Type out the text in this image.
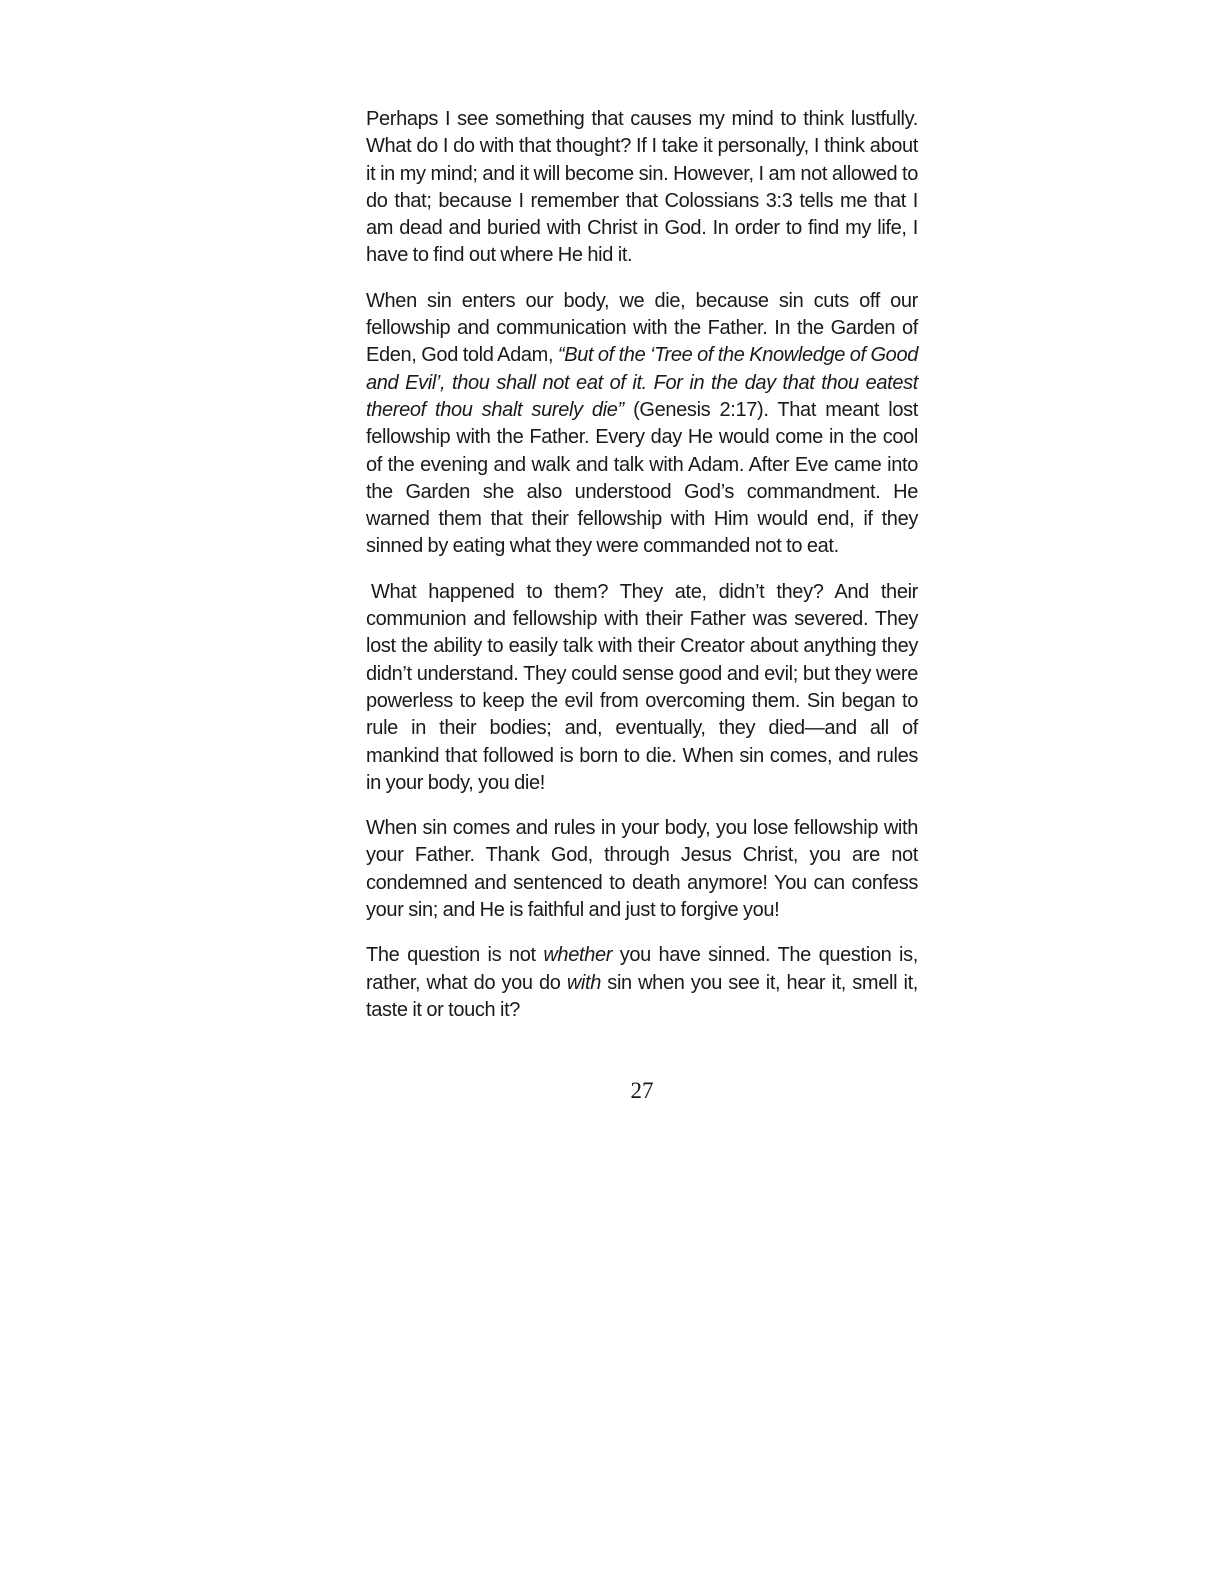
Perhaps I see something that causes my mind to think lustfully. What do I do with that thought? If I take it personally, I think about it in my mind; and it will become sin. However, I am not allowed to do that; because I remember that Colossians 3:3 tells me that I am dead and buried with Christ in God. In order to find my life, I have to find out where He hid it.

When sin enters our body, we die, because sin cuts off our fellowship and communication with the Father. In the Garden of Eden, God told Adam, “But of the ‘Tree of the Knowledge of Good and Evil’, thou shall not eat of it. For in the day that thou eatest thereof thou shalt surely die” (Genesis 2:17). That meant lost fellowship with the Father. Every day He would come in the cool of the evening and walk and talk with Adam. After Eve came into the Garden she also understood God’s commandment. He warned them that their fellowship with Him would end, if they sinned by eating what they were commanded not to eat.

What happened to them? They ate, didn’t they? And their communion and fellowship with their Father was severed. They lost the ability to easily talk with their Creator about anything they didn’t understand. They could sense good and evil; but they were powerless to keep the evil from overcoming them. Sin began to rule in their bodies; and, eventually, they died—and all of mankind that followed is born to die. When sin comes, and rules in your body, you die!

When sin comes and rules in your body, you lose fellowship with your Father. Thank God, through Jesus Christ, you are not condemned and sentenced to death anymore! You can confess your sin; and He is faithful and just to forgive you!

The question is not whether you have sinned. The question is, rather, what do you do with sin when you see it, hear it, smell it, taste it or touch it?

27
